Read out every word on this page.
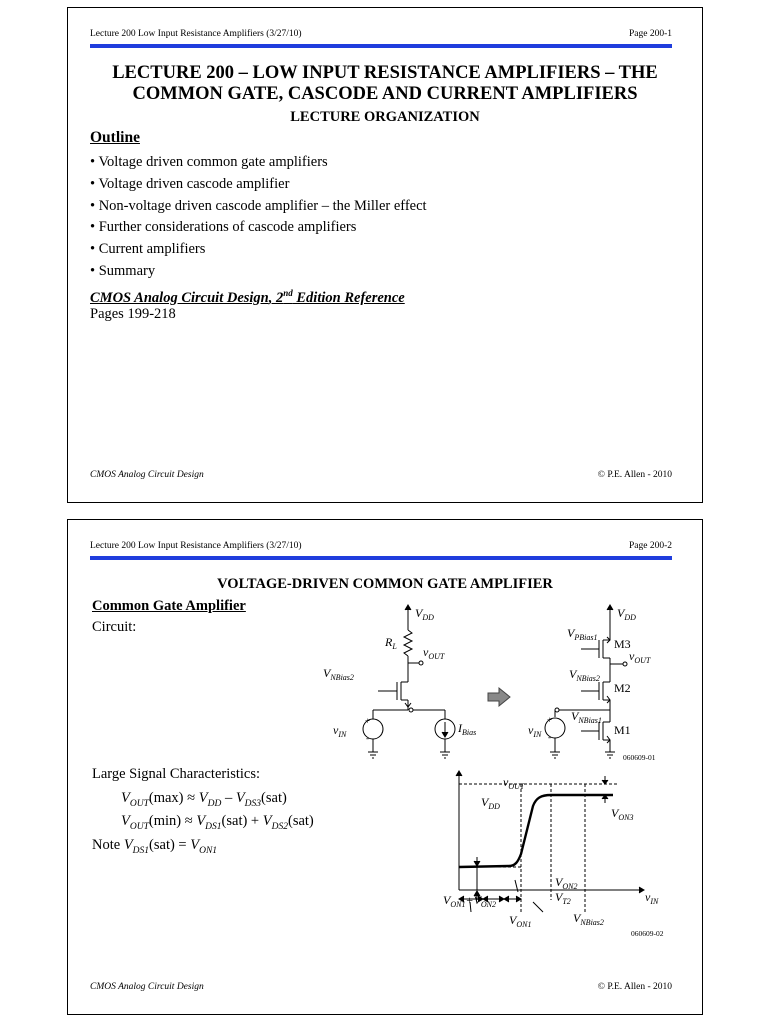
Lecture 200 Low Input Resistance Amplifiers (3/27/10)	Page 200-1
LECTURE 200 – LOW INPUT RESISTANCE AMPLIFIERS – THE
COMMON GATE, CASCODE AND CURRENT AMPLIFIERS
LECTURE ORGANIZATION
Outline
• Voltage driven common gate amplifiers
• Voltage driven cascode amplifier
• Non-voltage driven cascode amplifier – the Miller effect
• Further considerations of cascode amplifiers
• Current amplifiers
• Summary
CMOS Analog Circuit Design, 2nd Edition Reference
Pages 199-218
CMOS Analog Circuit Design	© P.E. Allen - 2010
Lecture 200 Low Input Resistance Amplifiers (3/27/10)	Page 200-2
VOLTAGE-DRIVEN COMMON GATE AMPLIFIER
Common Gate Amplifier
Circuit:
Large Signal Characteristics:
$V_{OUT}(\max) \approx V_{DD} - V_{DS3}(sat)$
$V_{OUT}(\min) \approx V_{DS1}(sat) + V_{DS2}(sat)$
Note $V_{DS1}(sat) = V_{ON1}$
+
-
+
-
$V_{DD}$
$R_L$ $v_{OUT}$
$V_{NBias2}$
$v_{IN}$	$I_{Bias}$
$V_{DD}$
$V_{PBias1}$ M3
$v_{OUT}$
$V_{NBias2}$
M2
$V_{NBias1}$
M1
$v_{IN}$
060609-01
$v_{OUT}$
$V_{DD}$	$V_{ON3}$
$V_{ON1}+V_{ON2}$
$V_{ON2}$
$V_{T2}$	$v_{IN}$
$V_{ON1}$	$V_{NBias2}$
060609-02
CMOS Analog Circuit Design	© P.E. Allen - 2010
